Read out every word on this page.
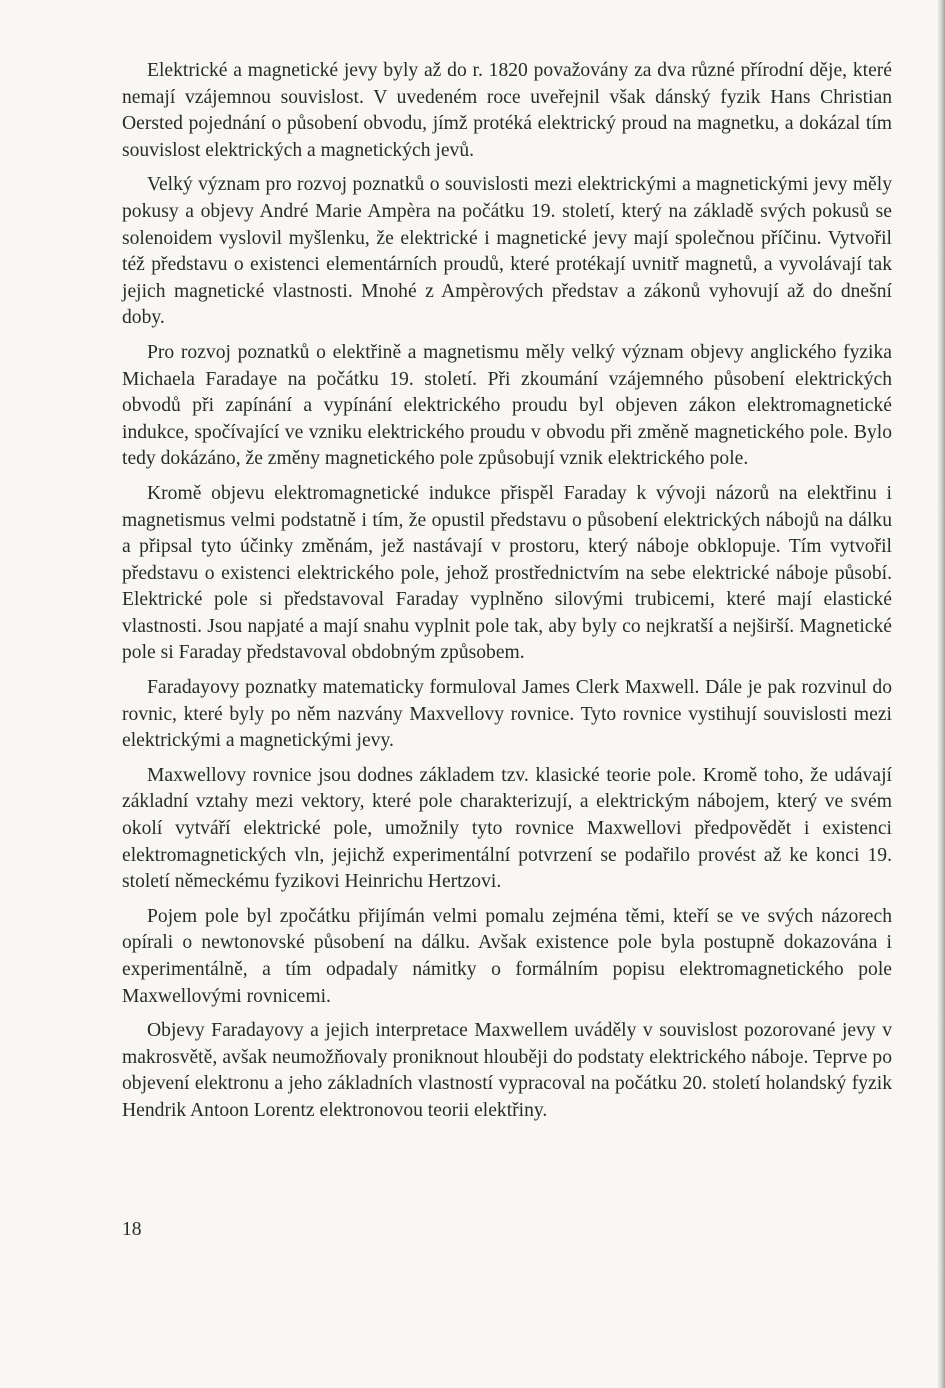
Elektrické a magnetické jevy byly až do r. 1820 považovány za dva různé přírodní děje, které nemají vzájemnou souvislost. V uvedeném roce uveřejnil však dánský fyzik Hans Christian Oersted pojednání o působení obvodu, jímž protéká elektrický proud na magnetku, a dokázal tím souvislost elektrických a magnetických jevů.

Velký význam pro rozvoj poznatků o souvislosti mezi elektrickými a magnetickými jevy měly pokusy a objevy André Marie Ampèra na počátku 19. století, který na základě svých pokusů se solenoidem vyslovil myšlenku, že elektrické i magnetické jevy mají společnou příčinu. Vytvořil též představu o existenci elementárních proudů, které protékají uvnitř magnetů, a vyvolávají tak jejich magnetické vlastnosti. Mnohé z Ampèrových představ a zákonů vyhovují až do dnešní doby.

Pro rozvoj poznatků o elektřině a magnetismu měly velký význam objevy anglického fyzika Michaela Faradaye na počátku 19. století. Při zkoumání vzájemného působení elektrických obvodů při zapínání a vypínání elektrického proudu byl objeven zákon elektromagnetické indukce, spočívající ve vzniku elektrického proudu v obvodu při změně magnetického pole. Bylo tedy dokázáno, že změny magnetického pole způsobují vznik elektrického pole.

Kromě objevu elektromagnetické indukce přispěl Faraday k vývoji názorů na elektřinu i magnetismus velmi podstatně i tím, že opustil představu o působení elektrických nábojů na dálku a připsal tyto účinky změnám, jež nastávají v prostoru, který náboje obklopuje. Tím vytvořil představu o existenci elektrického pole, jehož prostřednictvím na sebe elektrické náboje působí. Elektrické pole si představoval Faraday vyplněno silovými trubicemi, které mají elastické vlastnosti. Jsou napjaté a mají snahu vyplnit pole tak, aby byly co nejkratší a nejširší. Magnetické pole si Faraday představoval obdobným způsobem.

Faradayovy poznatky matematicky formuloval James Clerk Maxwell. Dále je pak rozvinul do rovnic, které byly po něm nazvány Maxvellovy rovnice. Tyto rovnice vystihují souvislosti mezi elektrickými a magnetickými jevy.

Maxwellovy rovnice jsou dodnes základem tzv. klasické teorie pole. Kromě toho, že udávají základní vztahy mezi vektory, které pole charakterizují, a elektrickým nábojem, který ve svém okolí vytváří elektrické pole, umožnily tyto rovnice Maxwellovi předpovědět i existenci elektromagnetických vln, jejichž experimentální potvrzení se podařilo provést až ke konci 19. století německému fyzikovi Heinrichu Hertzovi.

Pojem pole byl zpočátku přijímán velmi pomalu zejména těmi, kteří se ve svých názorech opírali o newtonovské působení na dálku. Avšak existence pole byla postupně dokazována i experimentálně, a tím odpadaly námitky o formálním popisu elektromagnetického pole Maxwellovými rovnicemi.

Objevy Faradayovy a jejich interpretace Maxwellem uváděly v souvislost pozorované jevy v makrosvětě, avšak neumožňovaly proniknout hlouběji do podstaty elektrického náboje. Teprve po objevení elektronu a jeho základních vlastností vypracoval na počátku 20. století holandský fyzik Hendrik Antoon Lorentz elektronovou teorii elektřiny.

18
